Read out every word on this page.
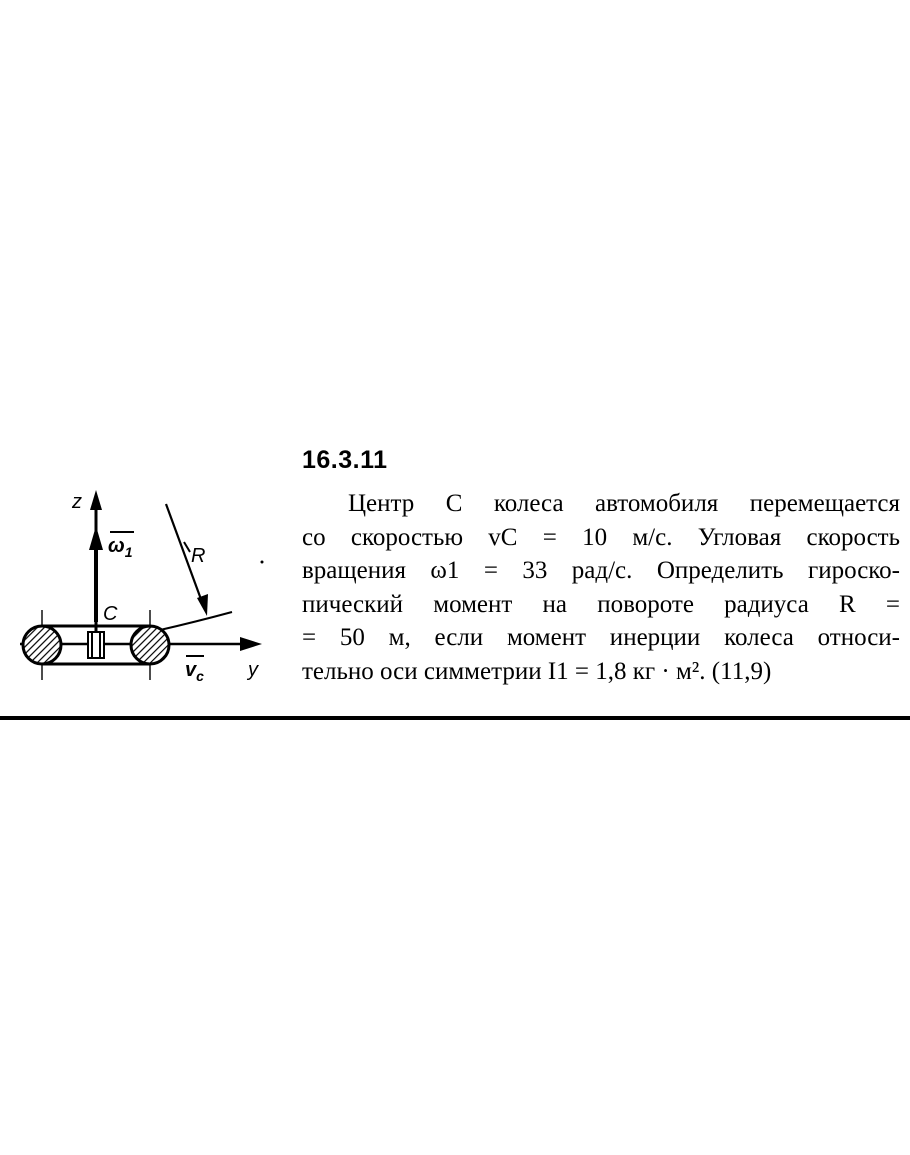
z
$\omega_1$	R
C
$v_c$ y
16.3.11
Центр C колеса автомобиля перемещается
со скоростью vC = 10 м/с. Угловая скорость
вращения ω1 = 33 рад/с. Определить гироско-
пический момент на повороте радиуса R =
= 50 м, если момент инерции колеса относи-
тельно оси симметрии I1 = 1,8 кг · м². (11,9)
